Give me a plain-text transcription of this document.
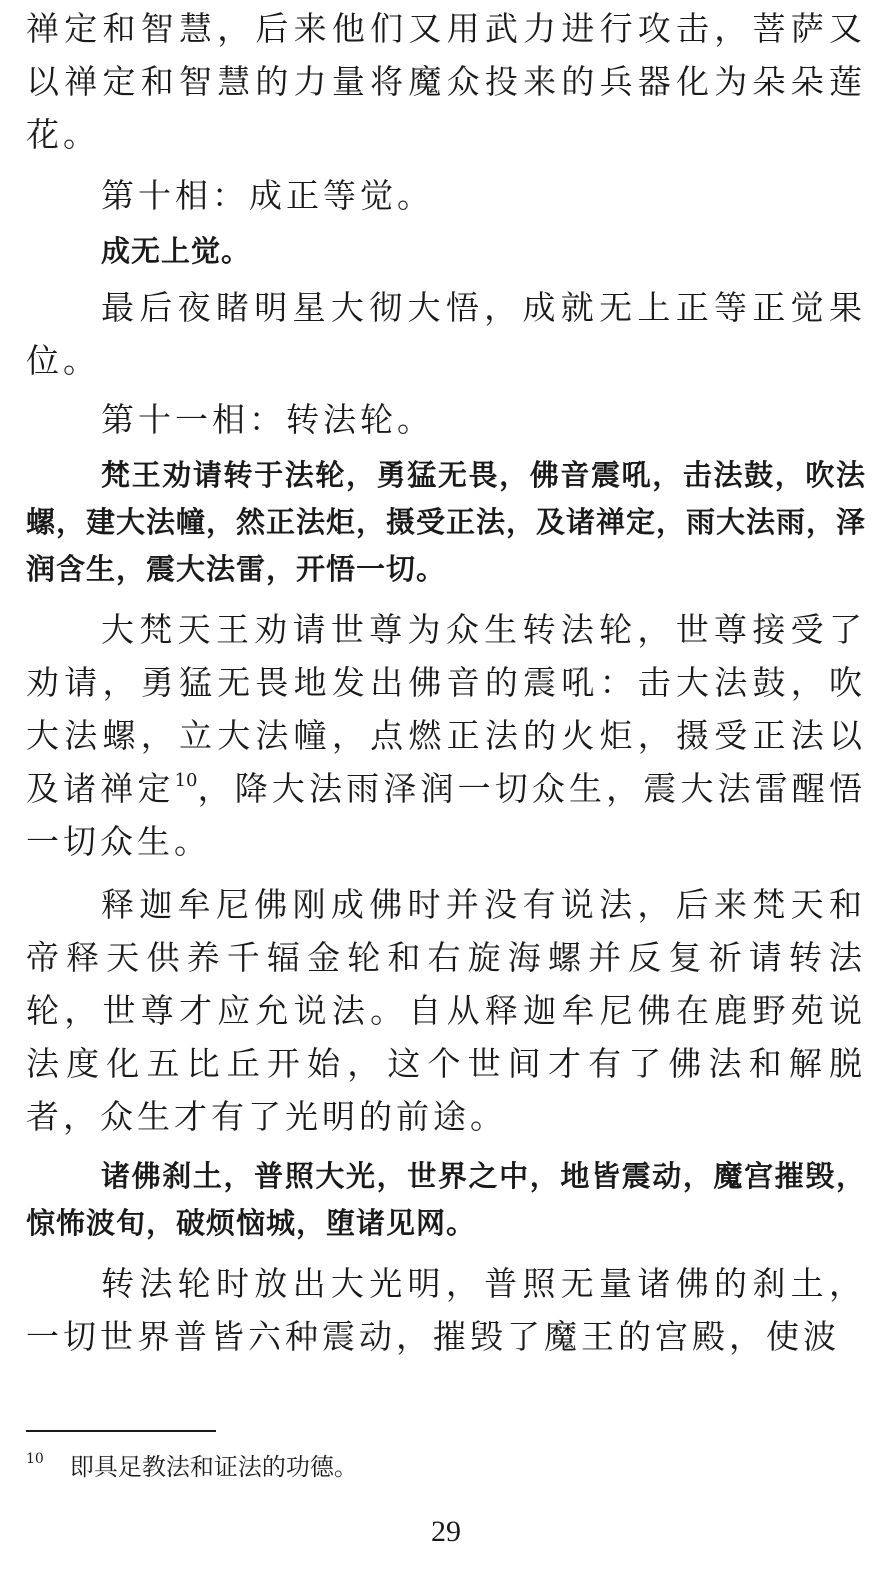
禅定和智慧，后来他们又用武力进行攻击，菩萨又以禅定和智慧的力量将魔众投来的兵器化为朵朵莲花。

第十相：成正等觉。

成无上觉。

最后夜睹明星大彻大悟，成就无上正等正觉果位。

第十一相：转法轮。

梵王劝请转于法轮，勇猛无畏，佛音震吼，击法鼓，吹法螺，建大法幢，然正法炬，摄受正法，及诸禅定，雨大法雨，泽润含生，震大法雷，开悟一切。

大梵天王劝请世尊为众生转法轮，世尊接受了劝请，勇猛无畏地发出佛音的震吼：击大法鼓，吹大法螺，立大法幢，点燃正法的火炬，摄受正法以及诸禅定$^{10}$，降大法雨泽润一切众生，震大法雷醒悟一切众生。

释迦牟尼佛刚成佛时并没有说法，后来梵天和帝释天供养千辐金轮和右旋海螺并反复祈请转法轮，世尊才应允说法。自从释迦牟尼佛在鹿野苑说法度化五比丘开始，这个世间才有了佛法和解脱者，众生才有了光明的前途。

诸佛刹土，普照大光，世界之中，地皆震动，魔宫摧毁，惊怖波旬，破烦恼城，堕诸见网。

转法轮时放出大光明，普照无量诸佛的刹土，一切世界普皆六种震动，摧毁了魔王的宫殿，使波

$^{10}$ 即具足教法和证法的功德。
29
